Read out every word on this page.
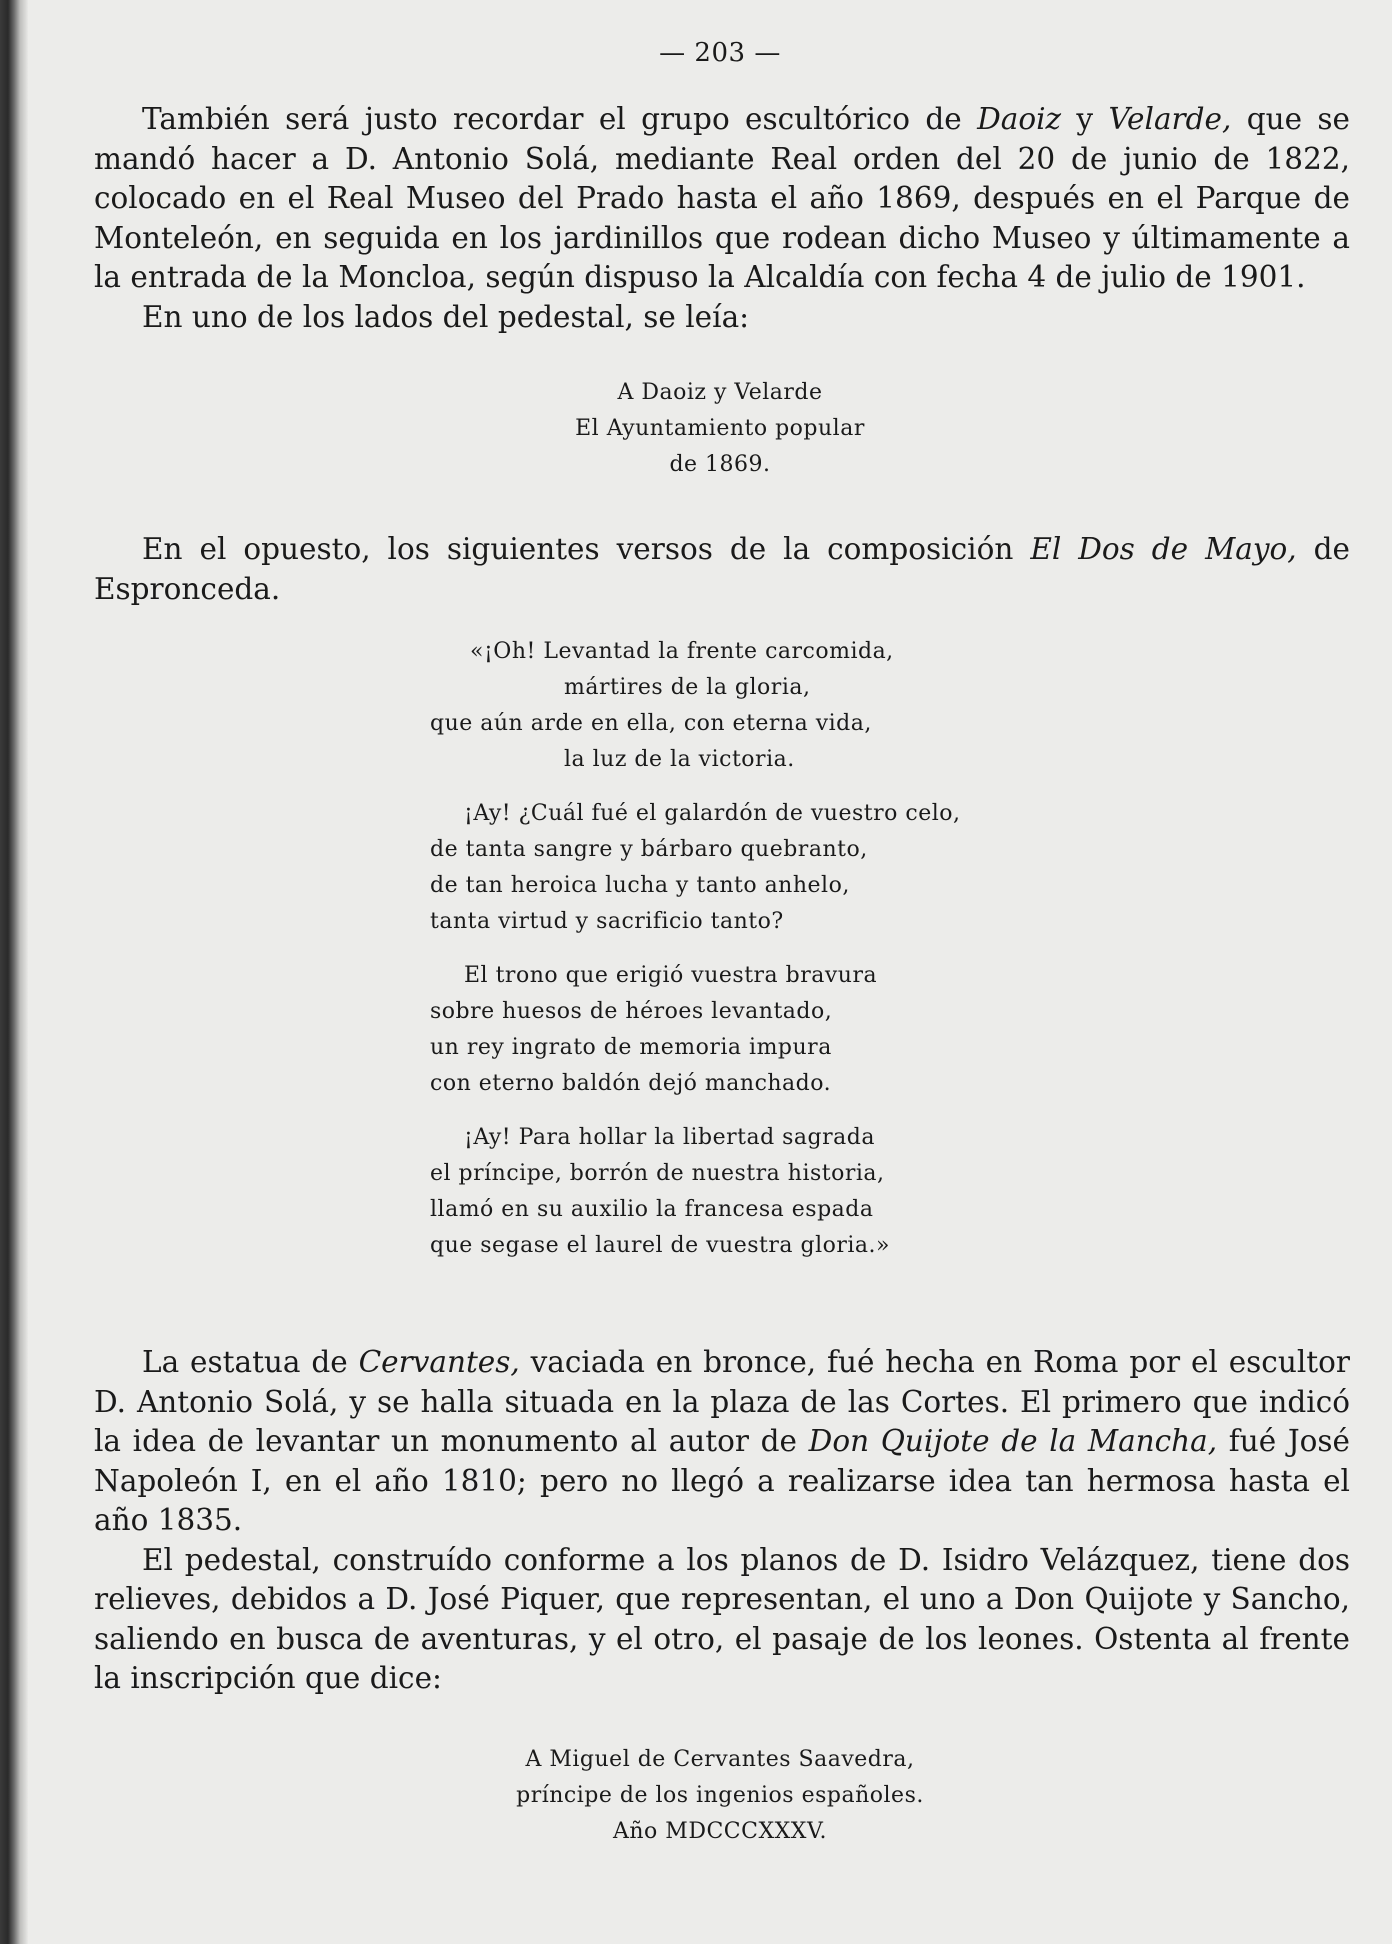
— 203 —

También será justo recordar el grupo escultórico de Daoiz y Velarde, que se mandó hacer a D. Antonio Solá, mediante Real orden del 20 de junio de 1822, colocado en el Real Museo del Prado hasta el año 1869, después en el Parque de Monteleón, en seguida en los jardinillos que rodean dicho Museo y últimamente a la entrada de la Moncloa, según dispuso la Alcaldía con fecha 4 de julio de 1901.

En uno de los lados del pedestal, se leía:

A Daoiz y Velarde
El Ayuntamiento popular
de 1869.

En el opuesto, los siguientes versos de la composición El Dos de Mayo, de Espronceda.

«¡Oh! Levantad la frente carcomida,
mártires de la gloria,
que aún arde en ella, con eterna vida,
la luz de la victoria.
¡Ay! ¿Cuál fué el galardón de vuestro celo,
de tanta sangre y bárbaro quebranto,
de tan heroica lucha y tanto anhelo,
tanta virtud y sacrificio tanto?
El trono que erigió vuestra bravura
sobre huesos de héroes levantado,
un rey ingrato de memoria impura
con eterno baldón dejó manchado.
¡Ay! Para hollar la libertad sagrada
el príncipe, borrón de nuestra historia,
llamó en su auxilio la francesa espada
que segase el laurel de vuestra gloria.»

La estatua de Cervantes, vaciada en bronce, fué hecha en Roma por el escultor D. Antonio Solá, y se halla situada en la plaza de las Cortes. El primero que indicó la idea de levantar un monumento al autor de Don Quijote de la Mancha, fué José Napoleón I, en el año 1810; pero no llegó a realizarse idea tan hermosa hasta el año 1835.

El pedestal, construído conforme a los planos de D. Isidro Velázquez, tiene dos relieves, debidos a D. José Piquer, que representan, el uno a Don Quijote y Sancho, saliendo en busca de aventuras, y el otro, el pasaje de los leones. Ostenta al frente la inscripción que dice:

A Miguel de Cervantes Saavedra,
príncipe de los ingenios españoles.
Año MDCCCXXXV.
